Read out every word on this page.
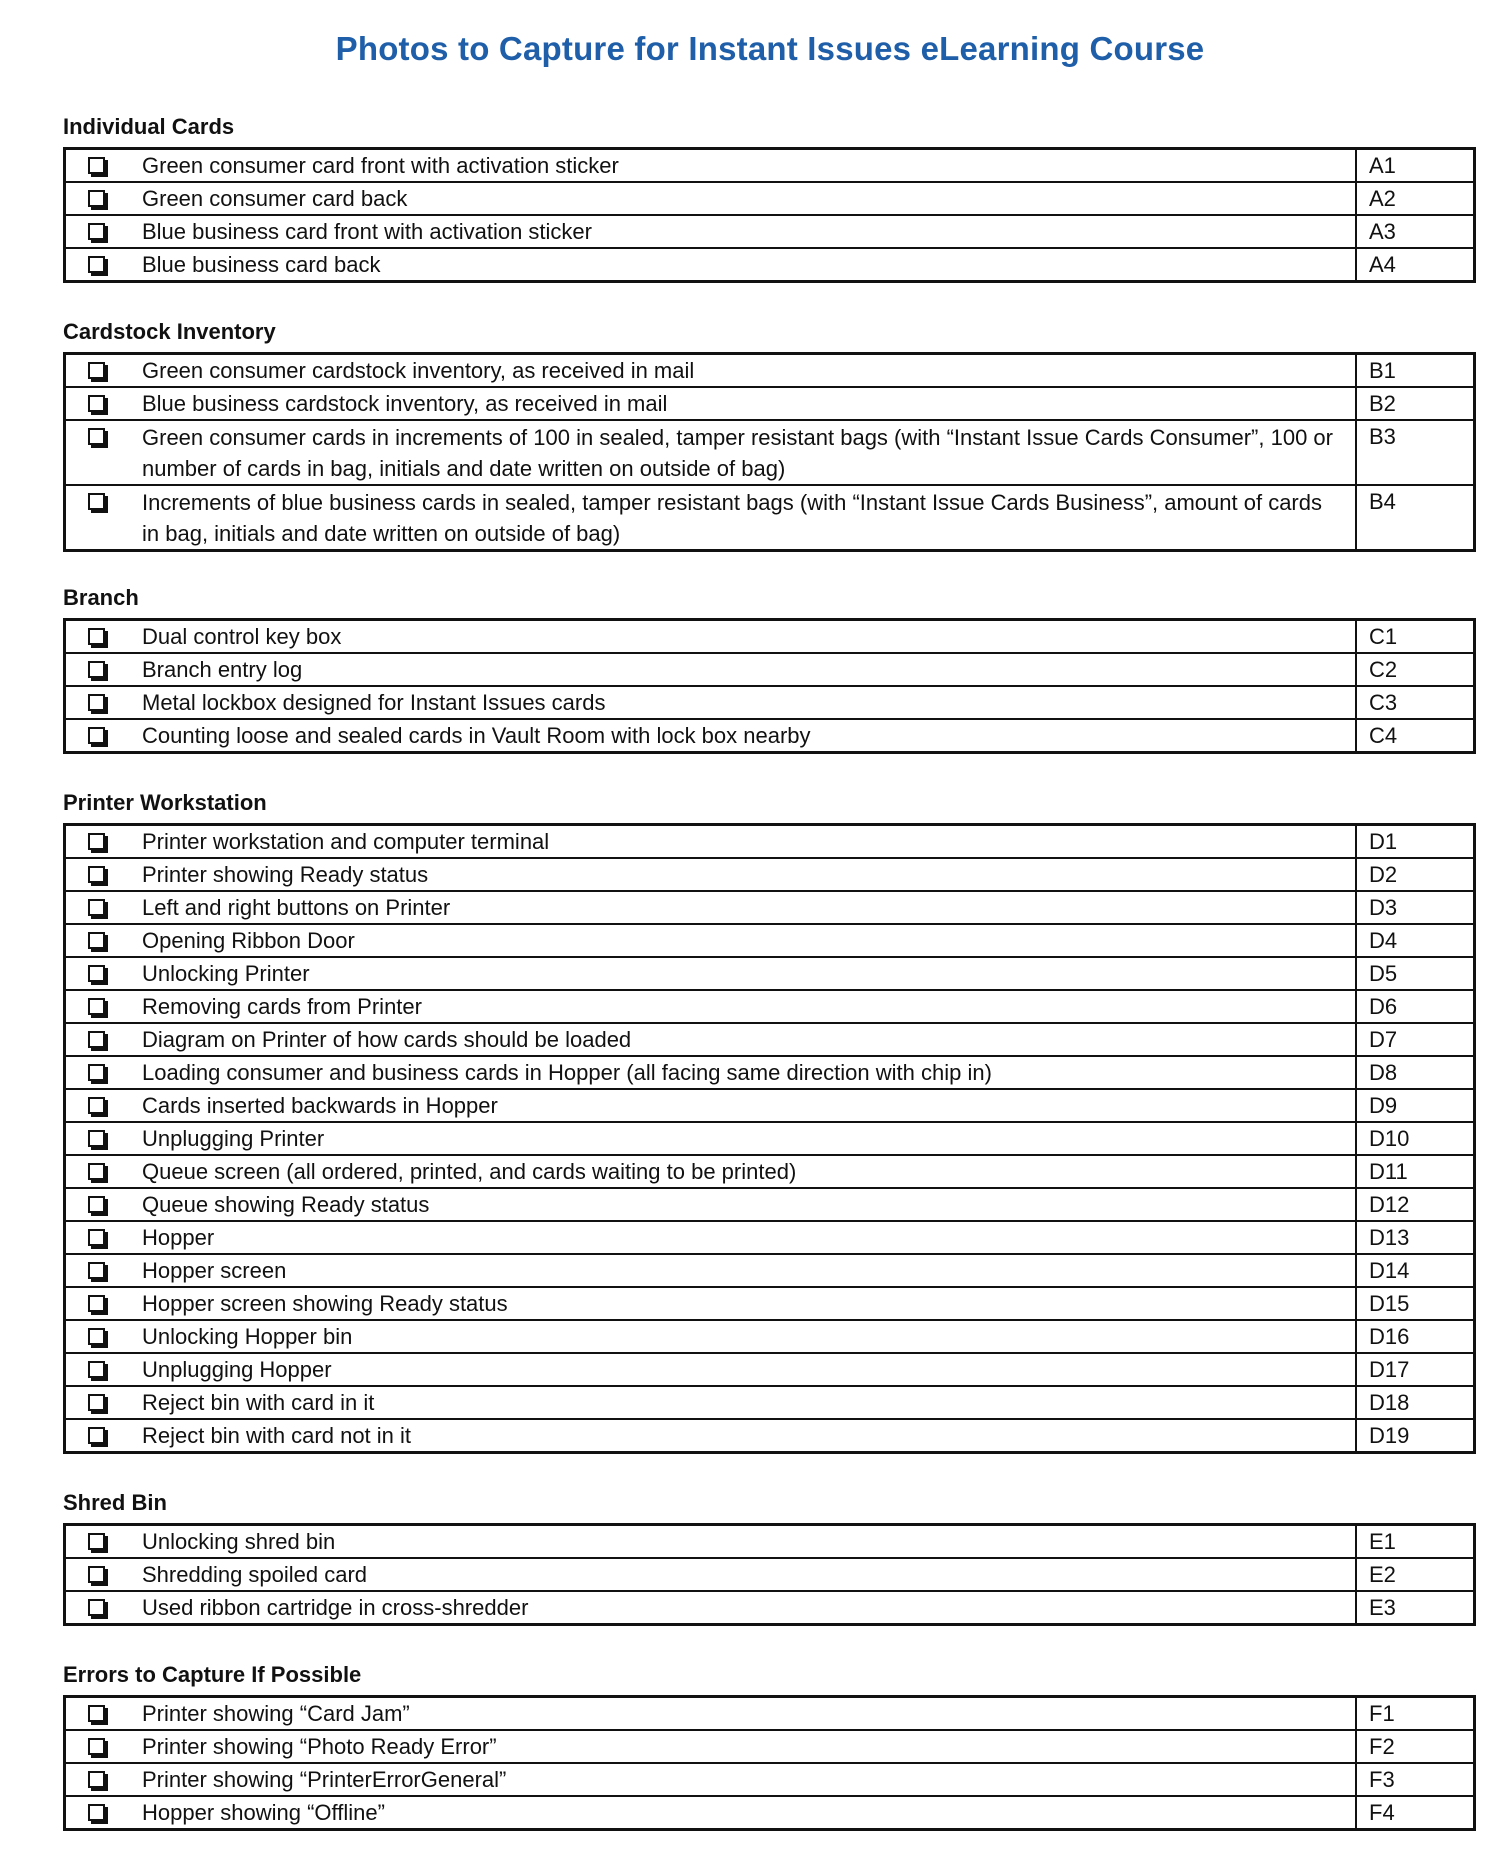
Photos to Capture for Instant Issues eLearning Course
Individual Cards
Green consumer card front with activation sticker	A1

Green consumer card back	A2

Blue business card front with activation sticker	A3

Blue business card back	A4
Cardstock Inventory
Green consumer cardstock inventory, as received in mail	B1

Blue business cardstock inventory, as received in mail	B2

Green consumer cards in increments of 100 in sealed, tamper resistant bags (with “Instant Issue Cards Consumer”, 100 or number of cards in bag, initials and date written on outside of bag)	B3

Increments of blue business cards in sealed, tamper resistant bags (with “Instant Issue Cards Business”, amount of cards in bag, initials and date written on outside of bag)	B4
Branch
Dual control key box	C1

Branch entry log	C2

Metal lockbox designed for Instant Issues cards	C3

Counting loose and sealed cards in Vault Room with lock box nearby	C4
Printer Workstation
Printer workstation and computer terminal	D1

Printer showing Ready status	D2

Left and right buttons on Printer	D3

Opening Ribbon Door	D4

Unlocking Printer	D5

Removing cards from Printer	D6

Diagram on Printer of how cards should be loaded	D7

Loading consumer and business cards in Hopper (all facing same direction with chip in)	D8

Cards inserted backwards in Hopper	D9

Unplugging Printer	D10

Queue screen (all ordered, printed, and cards waiting to be printed)	D11

Queue showing Ready status	D12

Hopper	D13

Hopper screen	D14

Hopper screen showing Ready status	D15

Unlocking Hopper bin	D16

Unplugging Hopper	D17

Reject bin with card in it	D18

Reject bin with card not in it	D19
Shred Bin
Unlocking shred bin	E1

Shredding spoiled card	E2

Used ribbon cartridge in cross-shredder	E3
Errors to Capture If Possible
Printer showing “Card Jam”	F1

Printer showing “Photo Ready Error”	F2

Printer showing “PrinterErrorGeneral”	F3

Hopper showing “Offline”	F4
